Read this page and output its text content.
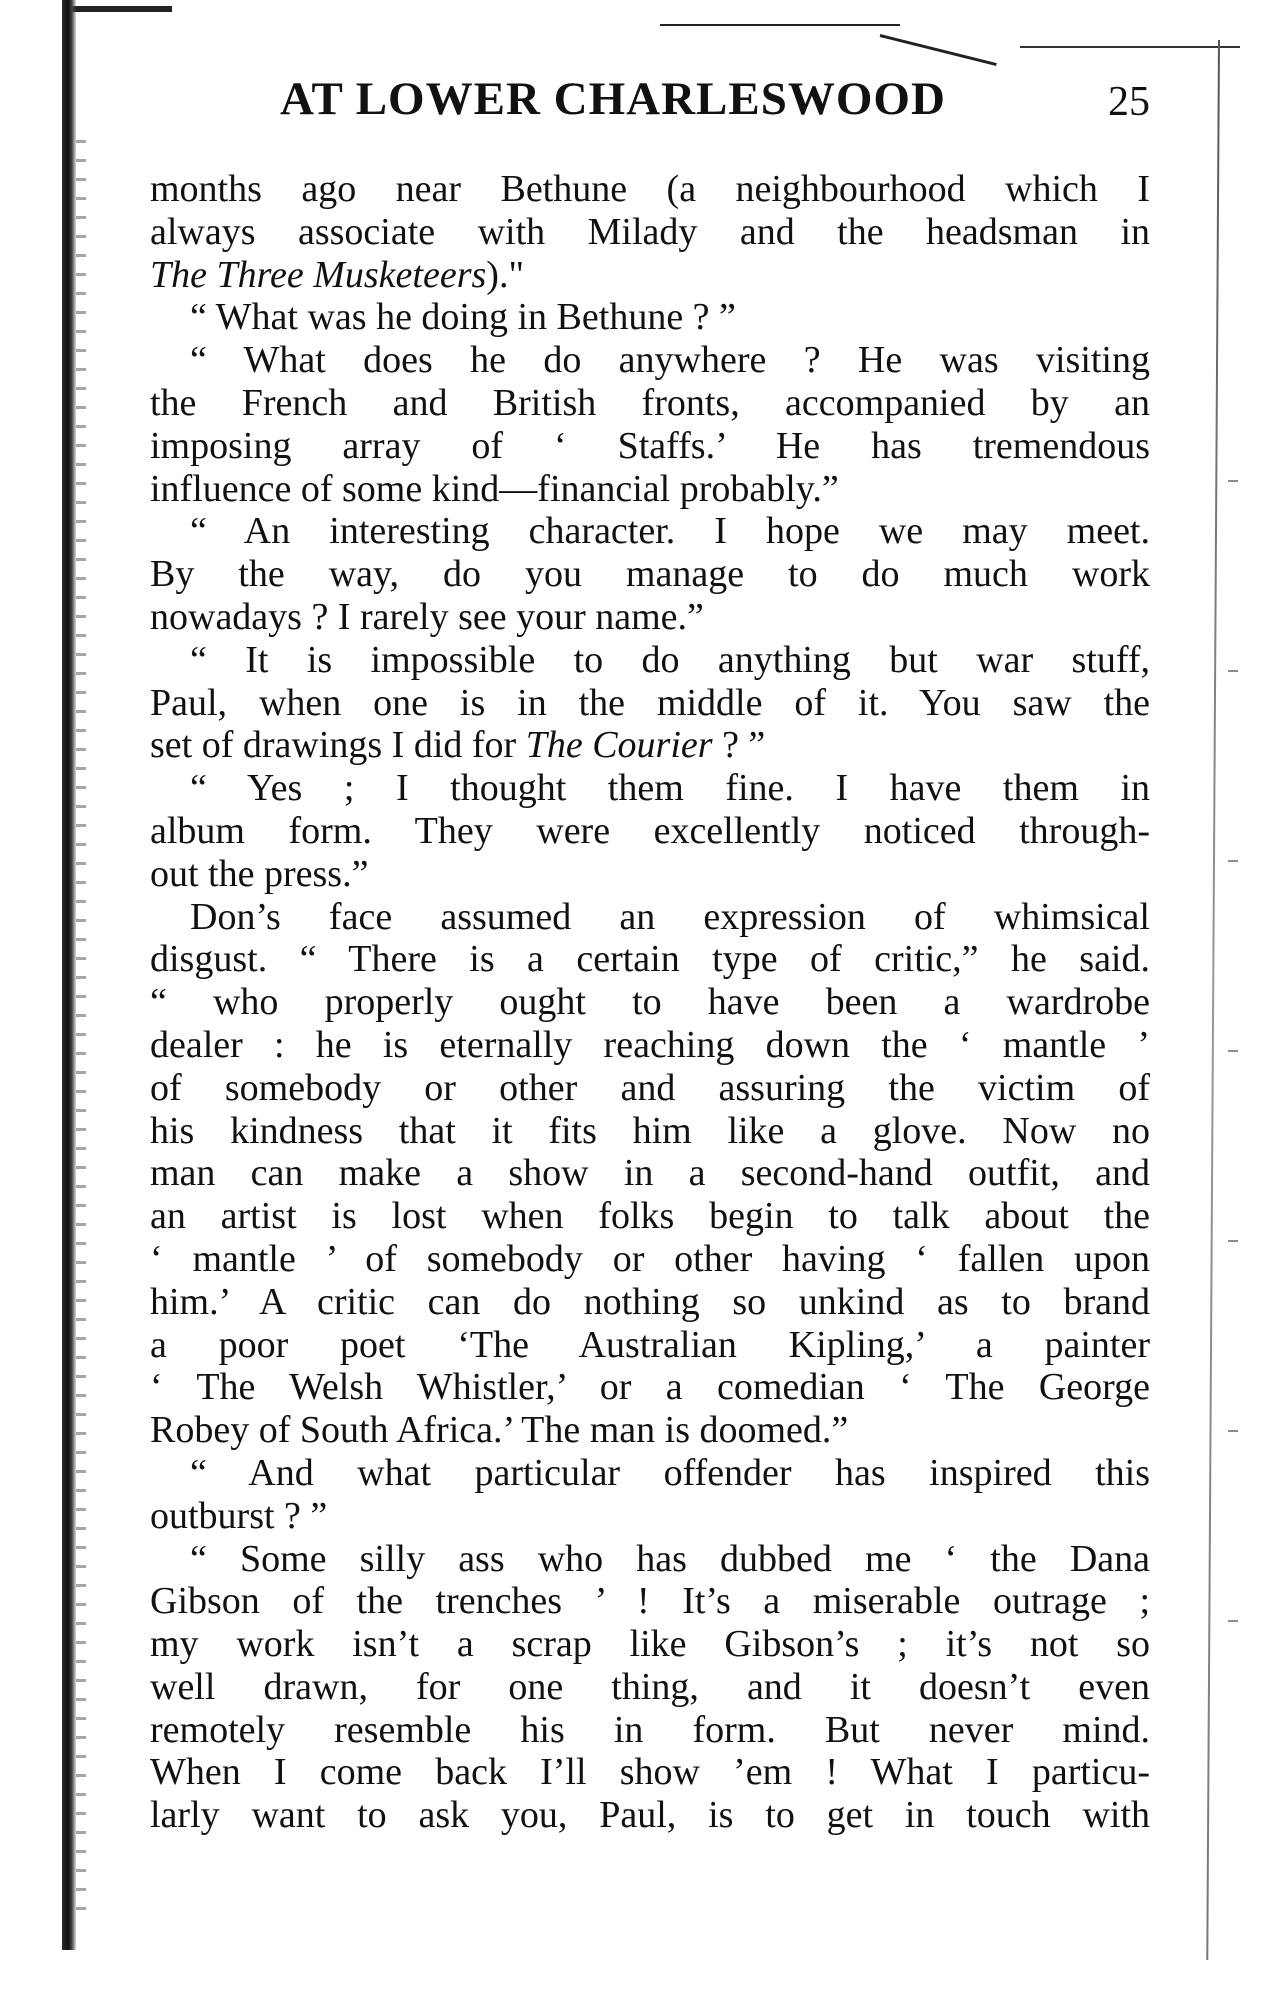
AT LOWER CHARLESWOOD	25
months ago near Bethune (a neighbourhood which I
always associate with Milady and the headsman in
The Three Musketeers)."
“ What was he doing in Bethune ? ”
“ What does he do anywhere ? He was visiting
the French and British fronts, accompanied by an
imposing array of ‘ Staffs.’ He has tremendous
influence of some kind—financial probably.”
“ An interesting character. I hope we may meet.
By the way, do you manage to do much work
nowadays ? I rarely see your name.”
“ It is impossible to do anything but war stuff,
Paul, when one is in the middle of it. You saw the
set of drawings I did for The Courier ? ”
“ Yes ; I thought them fine. I have them in
album form. They were excellently noticed through-
out the press.”
Don’s face assumed an expression of whimsical
disgust. “ There is a certain type of critic,” he said.
“ who properly ought to have been a wardrobe
dealer : he is eternally reaching down the ‘ mantle ’
of somebody or other and assuring the victim of
his kindness that it fits him like a glove. Now no
man can make a show in a second-hand outfit, and
an artist is lost when folks begin to talk about the
‘ mantle ’ of somebody or other having ‘ fallen upon
him.’ A critic can do nothing so unkind as to brand
a poor poet ‘The Australian Kipling,’ a painter
‘ The Welsh Whistler,’ or a comedian ‘ The George
Robey of South Africa.’ The man is doomed.”
“ And what particular offender has inspired this
outburst ? ”
“ Some silly ass who has dubbed me ‘ the Dana
Gibson of the trenches ’ ! It’s a miserable outrage ;
my work isn’t a scrap like Gibson’s ; it’s not so
well drawn, for one thing, and it doesn’t even
remotely resemble his in form. But never mind.
When I come back I’ll show ’em ! What I particu-
larly want to ask you, Paul, is to get in touch with
